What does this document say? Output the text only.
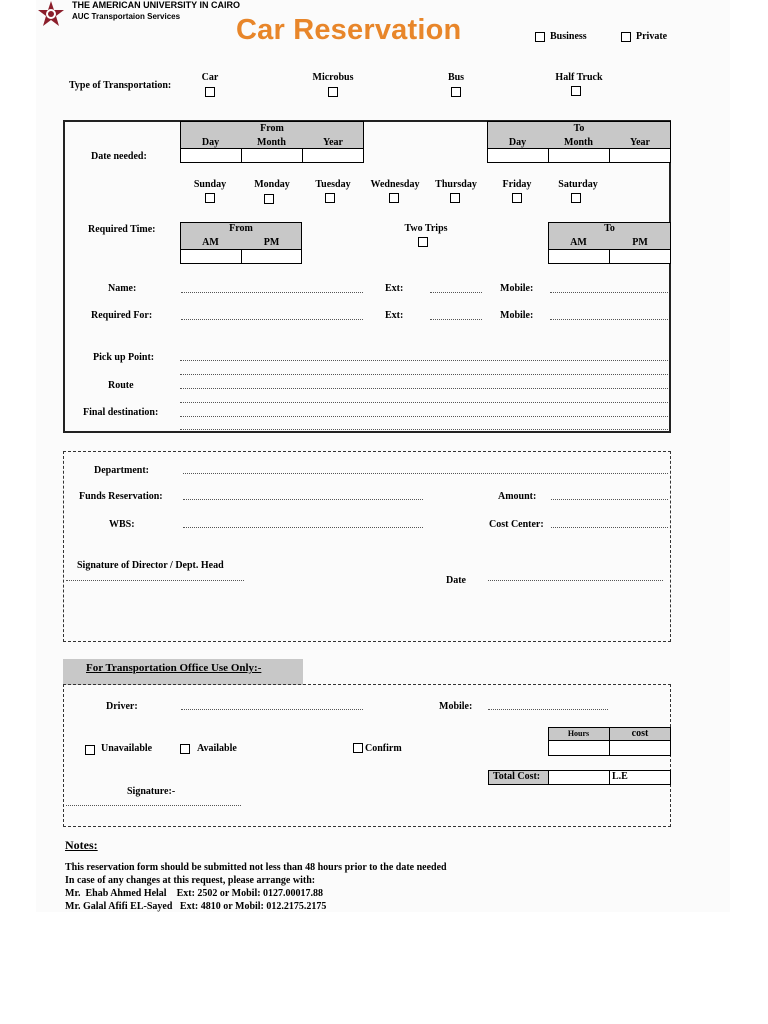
THE AMERICAN UNIVERSITY IN CAIRO
AUC Transportaion Services Car Reservation	Business	Private
Type of Transportation:
Car	Microbus	Bus	Half Truck
Date needed:
From
Day	Month	Year
To
Day	Month	Year
Sunday	Monday	Tuesday	Wednesday	Thursday	Friday	Saturday
Required Time:	From
AM	PM
Two Trips	To
AM	PM
Name:	Ext:	Mobile:
Required For:	Ext:	Mobile:
Pick up Point:
Route
Final destination:
Department:
Funds Reservation:	Amount:
WBS:	Cost Center:
Signature of Director / Dept. Head
Date
For Transportation Office Use Only:-
Driver:	Mobile:
Unavailable	Available	Confirm
Hours	cost
Total Cost:	L.E
Signature:-
Notes:
This reservation form should be submitted not less than 48 hours prior to the date needed
In case of any changes at this request, please arrange with:
Mr.  Ehab Ahmed Helal    Ext: 2502 or Mobil: 0127.00017.88
Mr. Galal Afifi EL-Sayed   Ext: 4810 or Mobil: 012.2175.2175
